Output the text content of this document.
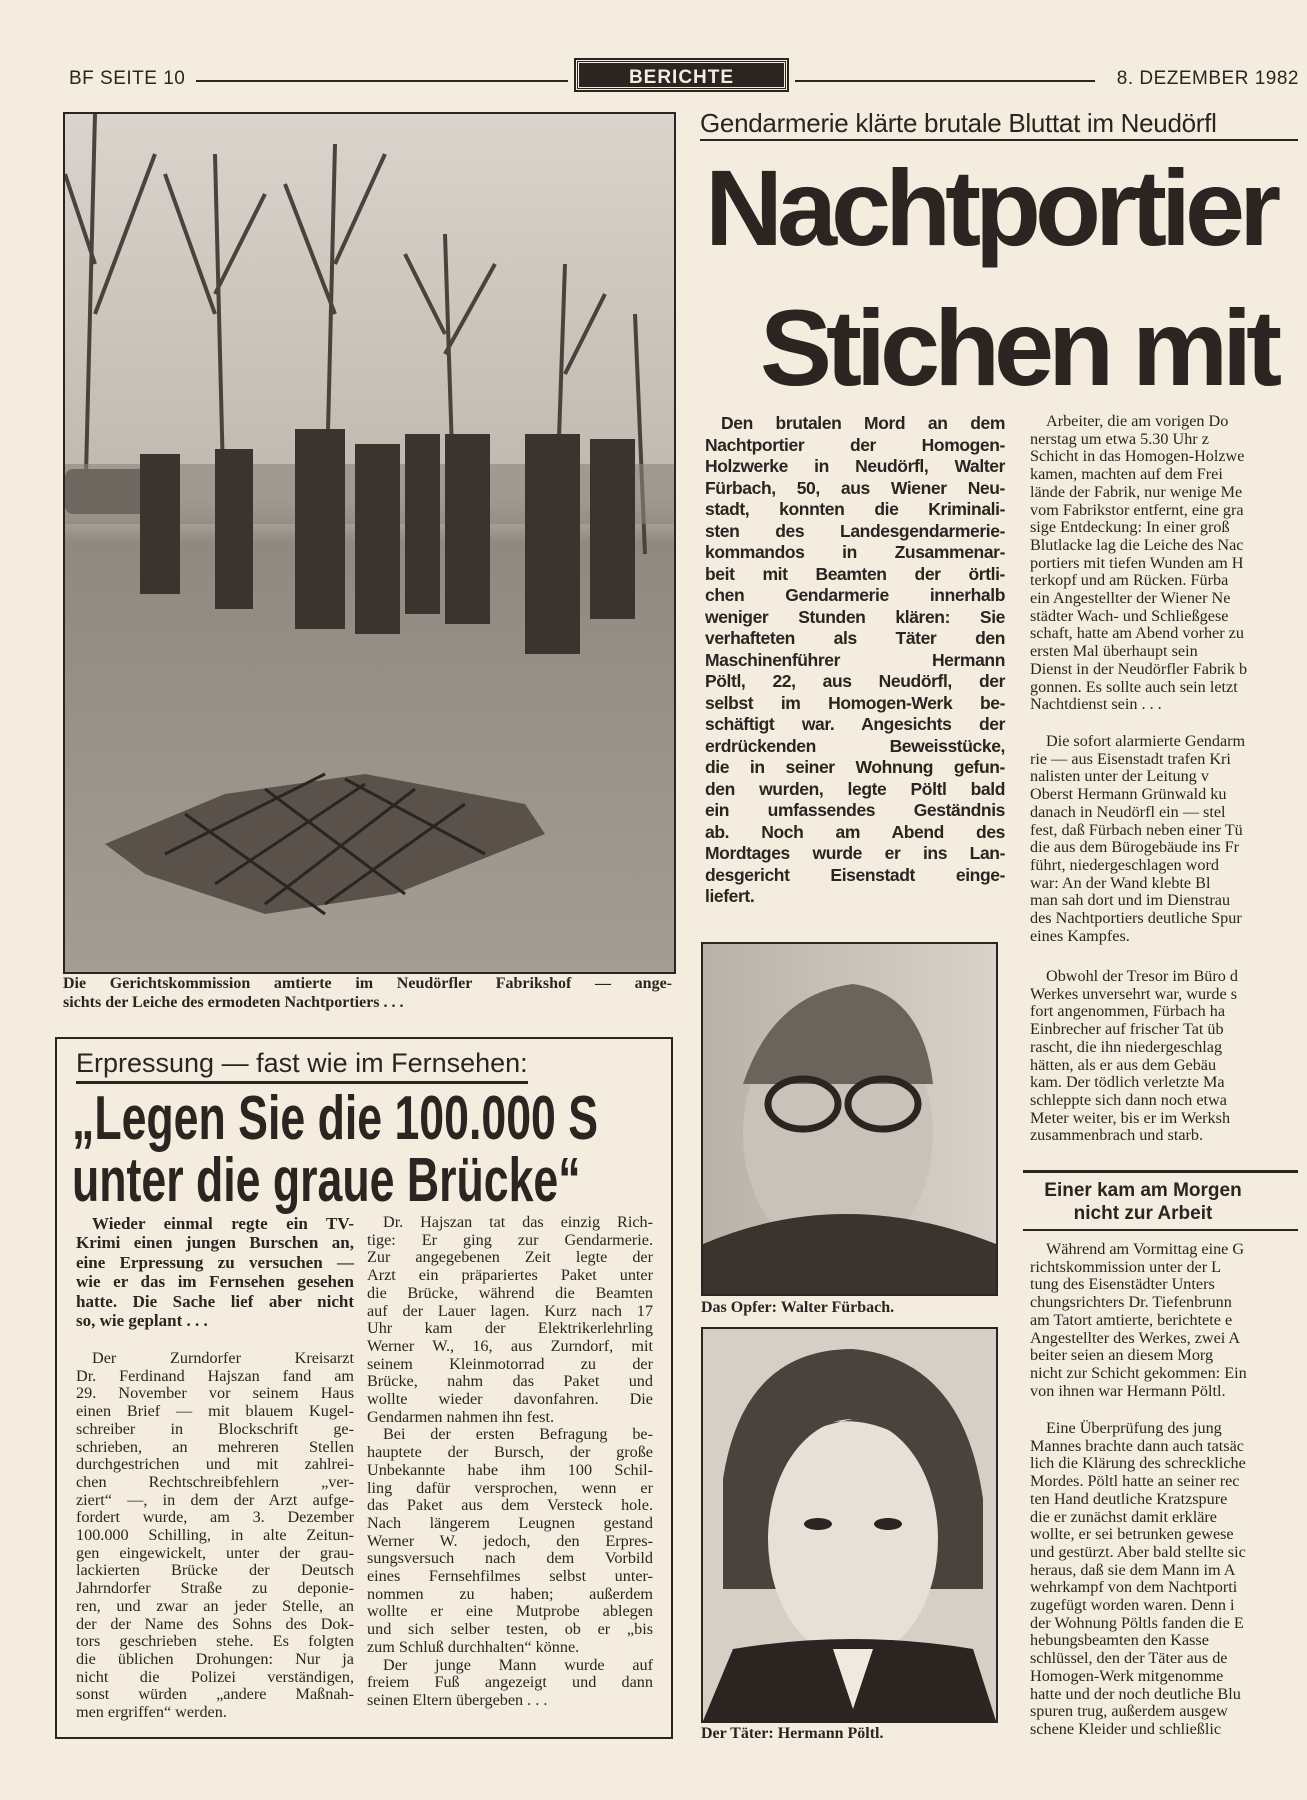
BF SEITE 10	BERICHTE	8. DEZEMBER 1982
Die Gerichtskommission amtierte im Neudörfler Fabrikshof — ange-
sichts der Leiche des ermodeten Nachtportiers . . .
Erpressung — fast wie im Fernsehen:
„Legen Sie die 100.000 S
unter die graue Brücke“
Wieder einmal regte ein TV-
Krimi einen jungen Burschen an,
eine Erpressung zu versuchen —
wie er das im Fernsehen gesehen
hatte. Die Sache lief aber nicht
so, wie geplant . . .
Der Zurndorfer Kreisarzt
Dr. Ferdinand Hajszan fand am
29. November vor seinem Haus
einen Brief — mit blauem Kugel-
schreiber in Blockschrift ge-
schrieben, an mehreren Stellen
durchgestrichen und mit zahlrei-
chen Rechtschreibfehlern „ver-
ziert“ —, in dem der Arzt aufge-
fordert wurde, am 3. Dezember
100.000 Schilling, in alte Zeitun-
gen eingewickelt, unter der grau-
lackierten Brücke der Deutsch
Jahrndorfer Straße zu deponie-
ren, und zwar an jeder Stelle, an
der der Name des Sohns des Dok-
tors geschrieben stehe. Es folgten
die üblichen Drohungen: Nur ja
nicht die Polizei verständigen,
sonst würden „andere Maßnah-
men ergriffen“ werden.
Dr. Hajszan tat das einzig Rich-
tige: Er ging zur Gendarmerie.
Zur angegebenen Zeit legte der
Arzt ein präpariertes Paket unter
die Brücke, während die Beamten
auf der Lauer lagen. Kurz nach 17
Uhr kam der Elektrikerlehrling
Werner W., 16, aus Zurndorf, mit
seinem Kleinmotorrad zu der
Brücke, nahm das Paket und
wollte wieder davonfahren. Die
Gendarmen nahmen ihn fest.
Bei der ersten Befragung be-
hauptete der Bursch, der große
Unbekannte habe ihm 100 Schil-
ling dafür versprochen, wenn er
das Paket aus dem Versteck hole.
Nach längerem Leugnen gestand
Werner W. jedoch, den Erpres-
sungsversuch nach dem Vorbild
eines Fernsehfilmes selbst unter-
nommen zu haben; außerdem
wollte er eine Mutprobe ablegen
und sich selber testen, ob er „bis
zum Schluß durchhalten“ könne.
Der junge Mann wurde auf
freiem Fuß angezeigt und dann
seinen Eltern übergeben . . .
Gendarmerie klärte brutale Bluttat im Neudörfl
Nachtportier
Stichen mit
Den brutalen Mord an dem
Nachtportier der Homogen-
Holzwerke in Neudörfl, Walter
Fürbach, 50, aus Wiener Neu-
stadt, konnten die Kriminali-
sten des Landesgendarmerie-
kommandos in Zusammenar-
beit mit Beamten der örtli-
chen Gendarmerie innerhalb
weniger Stunden klären: Sie
verhafteten als Täter den
Maschinenführer Hermann
Pöltl, 22, aus Neudörfl, der
selbst im Homogen-Werk be-
schäftigt war. Angesichts der
erdrückenden Beweisstücke,
die in seiner Wohnung gefun-
den wurden, legte Pöltl bald
ein umfassendes Geständnis
ab. Noch am Abend des
Mordtages wurde er ins Lan-
desgericht Eisenstadt einge-
liefert.
Das Opfer: Walter Fürbach.
Der Täter: Hermann Pöltl.
Arbeiter, die am vorigen Do
nerstag um etwa 5.30 Uhr z
Schicht in das Homogen-Holzwe
kamen, machten auf dem Frei
lände der Fabrik, nur wenige Me
vom Fabrikstor entfernt, eine gra
sige Entdeckung: In einer groß
Blutlacke lag die Leiche des Nac
portiers mit tiefen Wunden am H
terkopf und am Rücken. Fürba
ein Angestellter der Wiener Ne
städter Wach- und Schließgese
schaft, hatte am Abend vorher zu
ersten Mal überhaupt sein
Dienst in der Neudörfler Fabrik b
gonnen. Es sollte auch sein letzt
Nachtdienst sein . . .
Die sofort alarmierte Gendarm
rie — aus Eisenstadt trafen Kri
nalisten unter der Leitung v
Oberst Hermann Grünwald ku
danach in Neudörfl ein — stel
fest, daß Fürbach neben einer Tü
die aus dem Bürogebäude ins Fr
führt, niedergeschlagen word
war: An der Wand klebte Bl
man sah dort und im Dienstrau
des Nachtportiers deutliche Spur
eines Kampfes.
Obwohl der Tresor im Büro d
Werkes unversehrt war, wurde s
fort angenommen, Fürbach ha
Einbrecher auf frischer Tat üb
rascht, die ihn niedergeschlag
hätten, als er aus dem Gebäu
kam. Der tödlich verletzte Ma
schleppte sich dann noch etwa
Meter weiter, bis er im Werksh
zusammenbrach und starb.
Einer kam am Morgen
nicht zur Arbeit
Während am Vormittag eine G
richtskommission unter der L
tung des Eisenstädter Unters
chungsrichters Dr. Tiefenbrunn
am Tatort amtierte, berichtete e
Angestellter des Werkes, zwei A
beiter seien an diesem Morg
nicht zur Schicht gekommen: Ein
von ihnen war Hermann Pöltl.
Eine Überprüfung des jung
Mannes brachte dann auch tatsäc
lich die Klärung des schreckliche
Mordes. Pöltl hatte an seiner rec
ten Hand deutliche Kratzspure
die er zunächst damit erkläre
wollte, er sei betrunken gewese
und gestürzt. Aber bald stellte sic
heraus, daß sie dem Mann im A
wehrkampf von dem Nachtporti
zugefügt worden waren. Denn i
der Wohnung Pöltls fanden die E
hebungsbeamten den Kasse
schlüssel, den der Täter aus de
Homogen-Werk mitgenomme
hatte und der noch deutliche Blu
spuren trug, außerdem ausgew
schene Kleider und schließlic
